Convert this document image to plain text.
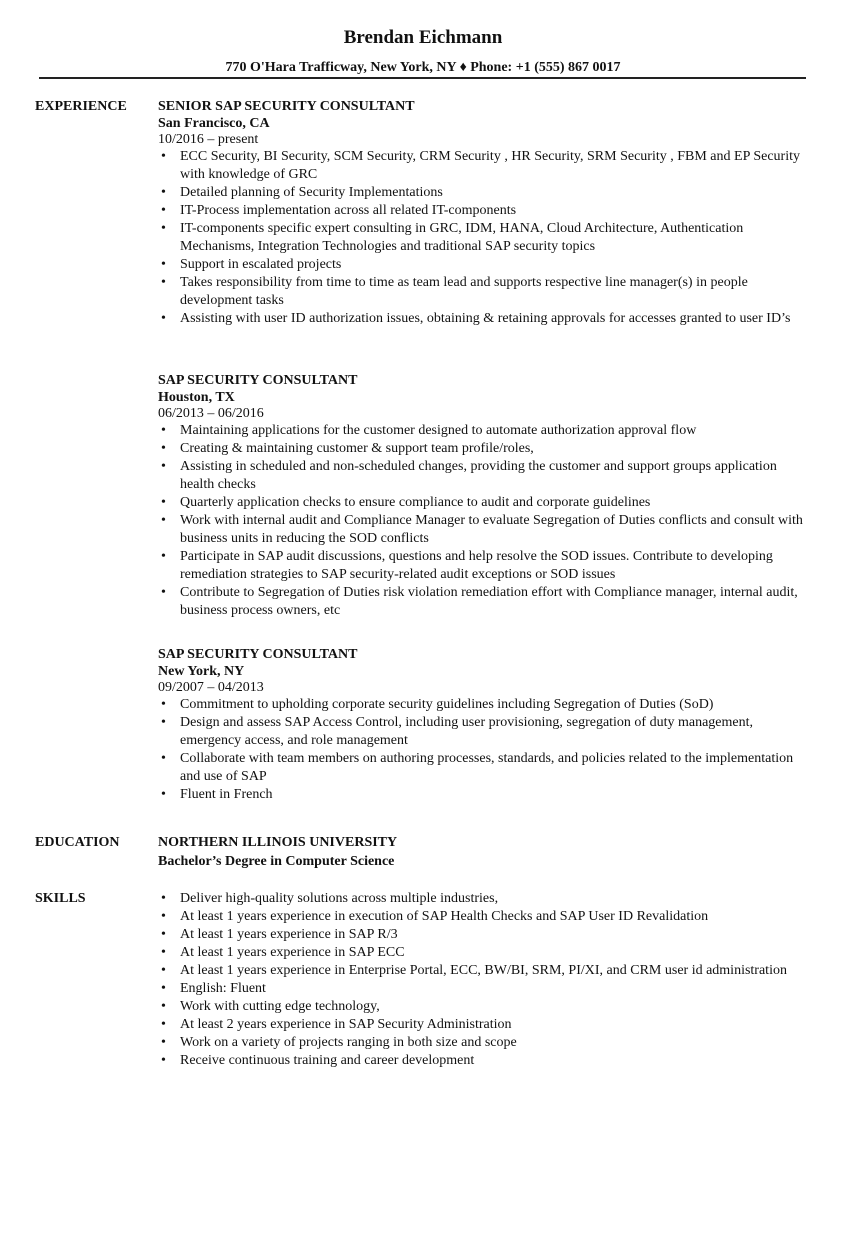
Brendan Eichmann
770 O'Hara Trafficway, New York, NY ♦ Phone: +1 (555) 867 0017
EXPERIENCE SENIOR SAP SECURITY CONSULTANT
San Francisco, CA
10/2016 – present
• ECC Security, BI Security, SCM Security, CRM Security , HR Security, SRM Security , FBM and EP Security with knowledge of GRC
• Detailed planning of Security Implementations
• IT-Process implementation across all related IT-components
• IT-components specific expert consulting in GRC, IDM, HANA, Cloud Architecture, Authentication Mechanisms, Integration Technologies and traditional SAP security topics
• Support in escalated projects
• Takes responsibility from time to time as team lead and supports respective line manager(s) in people development tasks
• Assisting with user ID authorization issues, obtaining & retaining approvals for accesses granted to user ID’s
SAP SECURITY CONSULTANT
Houston, TX
06/2013 – 06/2016
• Maintaining applications for the customer designed to automate authorization approval flow
• Creating & maintaining customer & support team profile/roles,
• Assisting in scheduled and non-scheduled changes, providing the customer and support groups application health checks
• Quarterly application checks to ensure compliance to audit and corporate guidelines
• Work with internal audit and Compliance Manager to evaluate Segregation of Duties conflicts and consult with business units in reducing the SOD conflicts
• Participate in SAP audit discussions, questions and help resolve the SOD issues. Contribute to developing remediation strategies to SAP security-related audit exceptions or SOD issues
• Contribute to Segregation of Duties risk violation remediation effort with Compliance manager, internal audit, business process owners, etc
SAP SECURITY CONSULTANT
New York, NY
09/2007 – 04/2013
• Commitment to upholding corporate security guidelines including Segregation of Duties (SoD)
• Design and assess SAP Access Control, including user provisioning, segregation of duty management, emergency access, and role management
• Collaborate with team members on authoring processes, standards, and policies related to the implementation and use of SAP
• Fluent in French
EDUCATION	NORTHERN ILLINOIS UNIVERSITY
Bachelor’s Degree in Computer Science
SKILLS	• Deliver high-quality solutions across multiple industries,
• At least 1 years experience in execution of SAP Health Checks and SAP User ID Revalidation
• At least 1 years experience in SAP R/3
• At least 1 years experience in SAP ECC
• At least 1 years experience in Enterprise Portal, ECC, BW/BI, SRM, PI/XI, and CRM user id administration
• English: Fluent
• Work with cutting edge technology,
• At least 2 years experience in SAP Security Administration
• Work on a variety of projects ranging in both size and scope
• Receive continuous training and career development
